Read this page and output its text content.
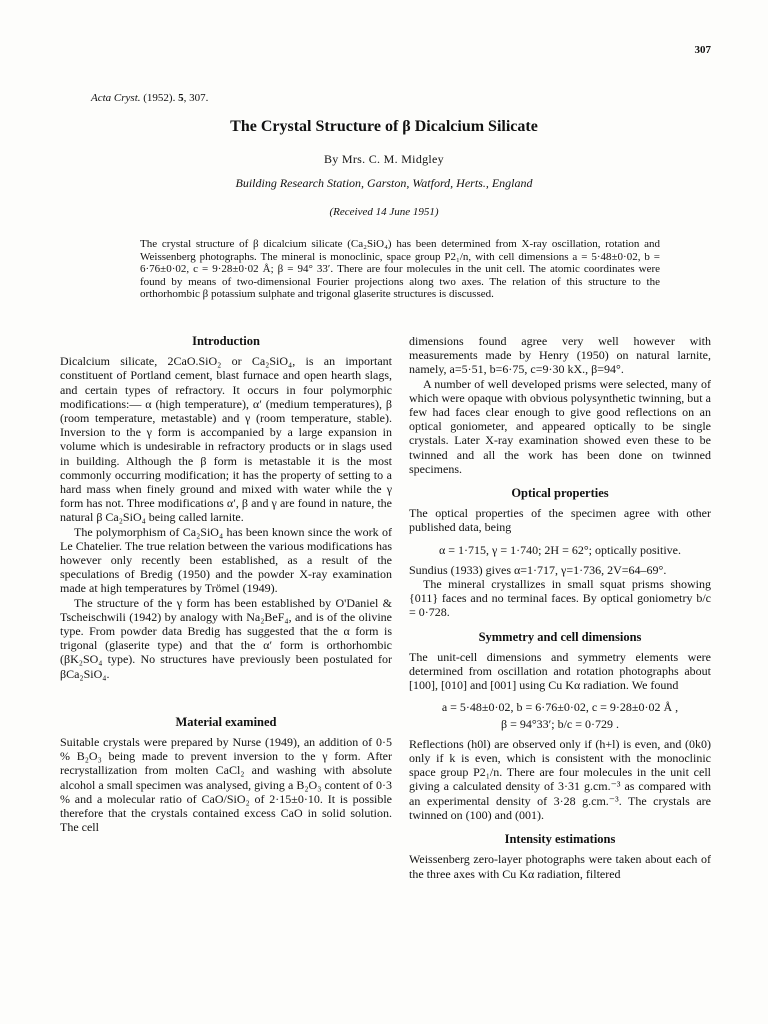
307
Acta Cryst. (1952). 5, 307.
The Crystal Structure of β Dicalcium Silicate
By Mrs. C. M. Midgley
Building Research Station, Garston, Watford, Herts., England
(Received 14 June 1951)
The crystal structure of β dicalcium silicate (Ca₂SiO₄) has been determined from X-ray oscillation, rotation and Weissenberg photographs. The mineral is monoclinic, space group P2₁/n, with cell dimensions a = 5·48±0·02, b = 6·76±0·02, c = 9·28±0·02 Å; β = 94° 33′. There are four molecules in the unit cell. The atomic coordinates were found by means of two-dimensional Fourier projections along two axes. The relation of this structure to the orthorhombic β potassium sulphate and trigonal glaserite structures is discussed.
Introduction

Dicalcium silicate, 2CaO.SiO₂ or Ca₂SiO₄, is an important constituent of Portland cement, blast furnace and open hearth slags, and certain types of refractory. It occurs in four polymorphic modifications:— α (high temperature), α′ (medium temperatures), β (room temperature, metastable) and γ (room temperature, stable). Inversion to the γ form is accompanied by a large expansion in volume which is undesirable in refractory products or in slags used in building. Although the β form is metastable it is the most commonly occurring modification; it has the property of setting to a hard mass when finely ground and mixed with water while the γ form has not. Three modifications α′, β and γ are found in nature, the natural β Ca₂SiO₄ being called larnite.

The polymorphism of Ca₂SiO₄ has been known since the work of Le Chatelier. The true relation between the various modifications has however only recently been established, as a result of the speculations of Bredig (1950) and the powder X-ray examination made at high temperatures by Trömel (1949).

The structure of the γ form has been established by O'Daniel & Tscheischwili (1942) by analogy with Na₂BeF₄, and is of the olivine type. From powder data Bredig has suggested that the α form is trigonal (glaserite type) and that the α′ form is orthorhombic (βK₂SO₄ type). No structures have previously been postulated for βCa₂SiO₄.

Material examined

Suitable crystals were prepared by Nurse (1949), an addition of 0·5 % B₂O₃ being made to prevent inversion to the γ form. After recrystallization from molten CaCl₂ and washing with absolute alcohol a small specimen was analysed, giving a B₂O₃ content of 0·3 % and a molecular ratio of CaO/SiO₂ of 2·15±0·10. It is possible therefore that the crystals contained excess CaO in solid solution. The cell

dimensions found agree very well however with measurements made by Henry (1950) on natural larnite, namely, a=5·51, b=6·75, c=9·30 kX., β=94°.

A number of well developed prisms were selected, many of which were opaque with obvious polysynthetic twinning, but a few had faces clear enough to give good reflections on an optical goniometer, and appeared optically to be single crystals. Later X-ray examination showed even these to be twinned and all the work has been done on twinned specimens.

Optical properties

The optical properties of the specimen agree with other published data, being

α = 1·715, γ = 1·740; 2H = 62°; optically positive.

Sundius (1933) gives α=1·717, γ=1·736, 2V=64–69°.

The mineral crystallizes in small squat prisms showing {011} faces and no terminal faces. By optical goniometry b/c = 0·728.

Symmetry and cell dimensions

The unit-cell dimensions and symmetry elements were determined from oscillation and rotation photographs about [100], [010] and [001] using Cu Kα radiation. We found

a = 5·48±0·02, b = 6·76±0·02, c = 9·28±0·02 Å ,

β = 94°33′; b/c = 0·729 .

Reflections (h0l) are observed only if (h+l) is even, and (0k0) only if k is even, which is consistent with the monoclinic space group P2₁/n. There are four molecules in the unit cell giving a calculated density of 3·31 g.cm.⁻³ as compared with an experimental density of 3·28 g.cm.⁻³. The crystals are twinned on (100) and (001).

Intensity estimations

Weissenberg zero-layer photographs were taken about each of the three axes with Cu Kα radiation, filtered
